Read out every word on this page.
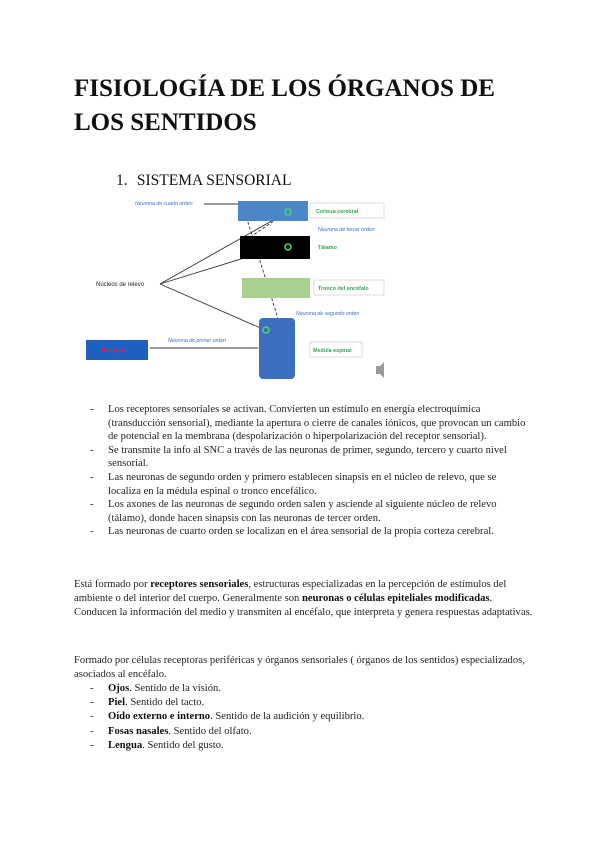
FISIOLOGÍA DE LOS ÓRGANOS DE LOS SENTIDOS
1. SISTEMA SENSORIAL
Neurona de cuarto orden
Corteza cerebral
Neurona de tercer orden
Tálamo
Núcleos de relevo
Tronco del encéfalo
Neurona de segundo orden
Medula espinal
Neurona de primer orden
Receptor
- Los receptores sensoriales se activan. Convierten un estímulo en energía electroquímica (transducción sensorial), mediante la apertura o cierre de canales iónicos, que provocan un cambio de potencial en la membrana (despolarización o hiperpolarización del receptor sensorial).
- Se transmite la info al SNC a través de las neuronas de primer, segundo, tercero y cuarto nivel sensorial.
- Las neuronas de segundo orden y primero establecen sinapsis en el núcleo de relevo, que se localiza en la médula espinal o tronco encefálico.
- Los axones de las neuronas de segundo orden salen y asciende al siguiente núcleo de relevo (tálamo), donde hacen sinapsis con las neuronas de tercer orden.
- Las neuronas de cuarto orden se localizan en el área sensorial de la propia corteza cerebral.

Está formado por receptores sensoriales, estructuras especializadas en la percepción de estímulos del ambiente o del interior del cuerpo. Generalmente son neuronas o células epiteliales modificadas. Conducen la información del medio y transmiten al encéfalo, que interpreta y genera respuestas adaptativas.

Formado por células receptoras periféricas y órganos sensoriales ( órganos de los sentidos) especializados, asociados al encéfalo.

- Ojos. Sentido de la visión.
- Piel. Sentido del tacto.
- Oído externo e interno. Sentido de la audición y equilibrio.
- Fosas nasales. Sentido del olfato.
- Lengua. Sentido del gusto.
